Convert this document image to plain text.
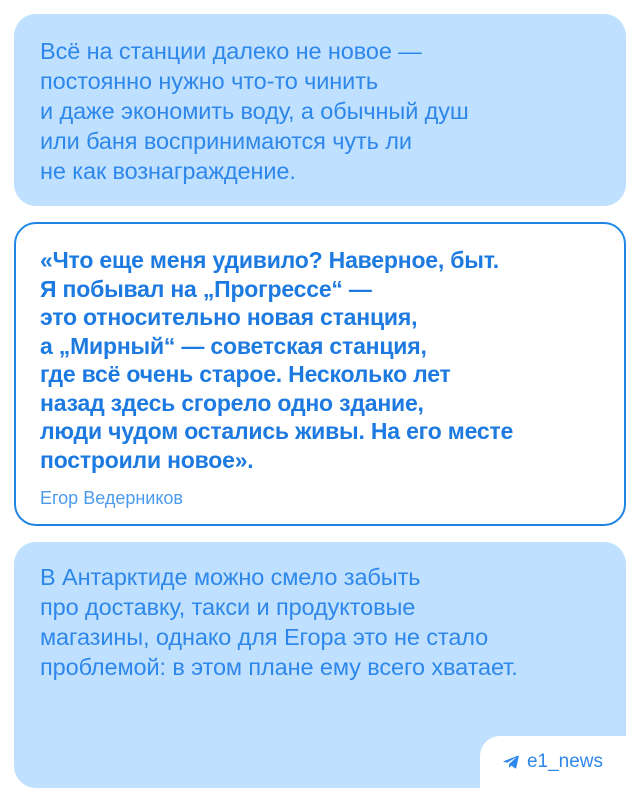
Всё на станции далеко не новое —
постоянно нужно что-то чинить
и даже экономить воду, а обычный душ
или баня воспринимаются чуть ли
не как вознаграждение.

«Что еще меня удивило? Наверное, быт.
Я побывал на „Прогрессе“ —
это относительно новая станция,
а „Мирный“ — советская станция,
где всё очень старое. Несколько лет
назад здесь сгорело одно здание,
люди чудом остались живы. На его месте
построили новое».

Егор Ведерников

В Антарктиде можно смело забыть
про доставку, такси и продуктовые
магазины, однако для Егора это не стало
проблемой: в этом плане ему всего хватает.

e1_news
